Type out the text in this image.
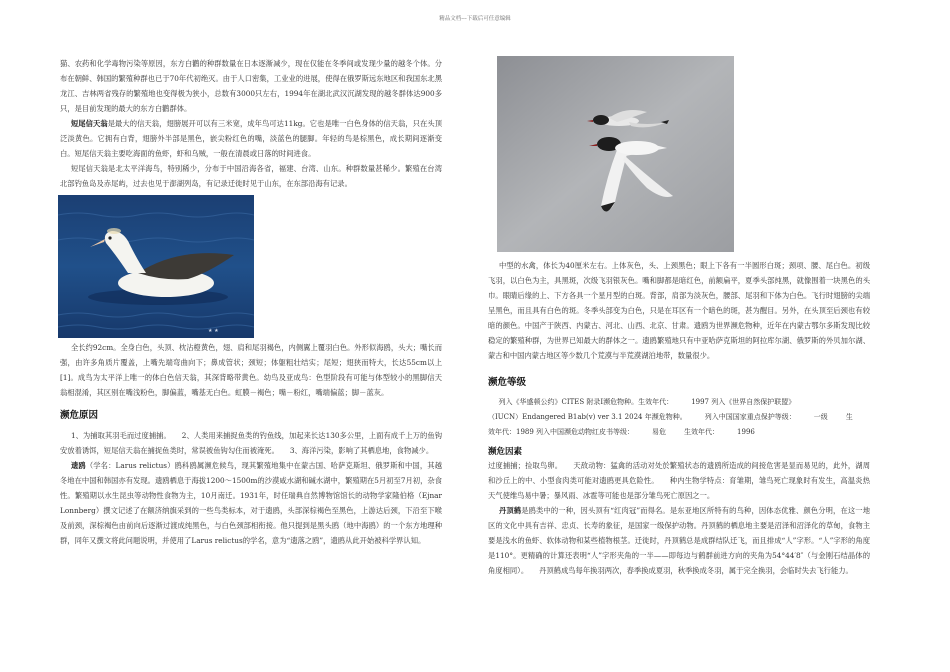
精品文档---下载后可任意编辑

猫、农药和化学毒物污染等原因，东方白鹳的种群数量在日本逐渐减少，现在仅能在冬季间或发现少量的越冬个体。分布在朝鲜、韩国的繁殖种群也已于70年代初绝灭。由于人口密集，工业业的进展，使得在俄罗斯远东地区和我国东北黑龙江、吉林两省残存的繁殖地也变得极为狭小，总数有3000只左右，1994年在湖北武汉沉湖发现的越冬群体达900多只，是目前发现的最大的东方白鹳群体。

短尾信天翁是最大的信天翁，翅膀展开可以有三米宽，成年鸟可达11kg。它也是唯一白色身体的信天翁，只在头顶泛淡黄色。它拥有白背，翅膀外半部是黑色，嵌尖粉红色的嘴，淡蓝色的腿脚。年轻的鸟是棕黑色，成长期间逐渐变白。短尾信天翁主要吃海面的鱼虾，虾和乌贼，一般在清晨或日落的时间进食。

短尾信天翁是北太平洋海鸟，特别稀少，分布于中国沿海各省，福建、台湾、山东。种群数量甚稀少。繁殖在台湾北部钓鱼岛及赤尾屿，过去也见于澎湖列岛，有记录迁徙时见于山东，在东部沿海有记录。

★ ★

全长约92cm。全身白色，头顶、枕沾橙黄色，翅、肩和尾羽褐色，内侧翼上覆羽白色。外形似海鸥，头大；嘴长而强，由许多角质片覆盖，上嘴先端弯曲向下；鼻成管状；颈短；体躯粗壮结实；尾短；翅狭而特大，长达55cm以上[1]。成鸟为太平洋上唯一的体白色信天翁，其深背略带黄色。幼鸟及亚成鸟：色型阶段有可能与体型较小的黑脚信天翁相混淆，其区别在嘴浅粉色，脚偏蓝，嘴基无白色。虹膜－褐色；嘴－粉红，嘴端偏蓝；脚－蓝灰。

濒危原因

1、为捕取其羽毛而过度捕捕。　　2、人类用来捕捉鱼类的钓鱼线，加起来长达130多公里，上面有成千上万的鱼钩安放着诱饵，短尾信天翁在捕捉鱼类时，常误被鱼钩勾住而被淹死。　　3、海洋污染，影响了其栖息地，食物减少。

遗鸥（学名：Larus relictus）鸥科鸥属濒危候鸟，现其繁殖地集中在蒙古国、哈萨克斯坦、俄罗斯和中国，其越冬地在中国和韩国亦有发现。遗鸥栖息于海拔1200～1500m的沙漠咸水湖和碱水湖中，繁殖期在5月初至7月初，杂食性。繁殖期以水生昆虫等动物性食物为主，10月南迁。1931年，时任瑞典自然博物馆馆长的动物学家隆伯格（Ejnar Lonnberg）撰文记述了在额济纳旗采到的一些鸟类标本，对于遗鸥，头部深棕褐色至黑色，上游达后颈，下沿至下喉及前颈，深棕褐色由前向后逐渐过渡成纯黑色，与白色颈部相衔接。他只提到是黑头鸥（地中海鸥）的一个东方地理种群，同年又撰文将此问题说明，并使用了Larus relictus的学名，意为“遗落之鸥”，遗鸥从此开始被科学界认知。

中型的水禽，体长为40厘米左右。上体灰色，头、上颈黑色；眼上下各有一半圆形白斑；颈项、腰、尾白色。初级飞羽，以白色为主，具黑斑，次级飞羽银灰色。嘴和脚都是暗红色，前额扁平，夏季头部纯黑，就像围着一块黑色的头巾。眼睛后缘的上、下方各具一个星月型的白斑。背部，肩部为淡灰色，腰部、尾羽和下体为白色。飞行时翅膀的尖端呈黑色，而且具有白色的斑。冬季头部变为白色，只是在耳区有一个暗色的斑，甚为醒目。另外，在头顶至后颈也有较暗的颜色。中国产于陕西、内蒙古、河北、山西、北京、甘肃。遗鸥为世界濒危物种，近年在内蒙古鄂尔多斯发现比较稳定的繁殖种群，为世界已知最大的群体之一。遗鸥繁殖地只有中亚哈萨克斯坦的阿拉库尔湖、俄罗斯的外贝加尔湖、蒙古和中国内蒙古地区等少数几个荒漠与半荒漠湖泊地带，数量很少。

濒危等级

列入《华盛顿公约》CITES 附录Ⅰ濒危物种。生效年代：	1997 列入《世界自然保护联盟》
（IUCN）Endangered B1ab(v) ver 3.1 2024 年濒危物种。	列入中国国家重点保护等级：	一级	生
效年代：1989 列入中国濒危动物红皮书等级：	易危	生效年代：	1996

濒危因素

过度捕捕；捡取鸟卵。　　天敌动物：猛禽的活动对处於繁殖状态的遗鸥所造成的间接危害是显而易见的，此外，湖周和沙丘上的中、小型食肉类可能对遗鸥更具危险性。　　种内生物学特点：育雏期，雏鸟死亡现象时有发生，高温炎热天气使维鸟易中暑；暴风雨、冰雹等可能也是部分雏鸟死亡原因之一。

丹顶鹤是鸥类中的一种，因头顶有“红肉冠”而得名。是东亚地区所特有的鸟种，因体态优雅、颜色分明，在这一地区的文化中具有吉祥、忠贞、长寿的象征，是国家一级保护动物。丹顶鹤的栖息地主要是沼泽和沼泽化的草甸，食物主要是浅水的鱼虾、软体动物和某些植物根茎。迁徙时，丹顶鹤总是成群结队迁飞，而且排成“人”字形。“人”字形的角度是110°。更精确的计算还表明“人”字形夹角的一半——即每边与鹤群前进方向的夹角为54°44′8″（与金刚石结晶体的角度相同）。　　丹顶鹤成鸟每年换羽两次，春季换成夏羽，秋季换成冬羽，属于完全换羽，会临时失去飞行能力。
